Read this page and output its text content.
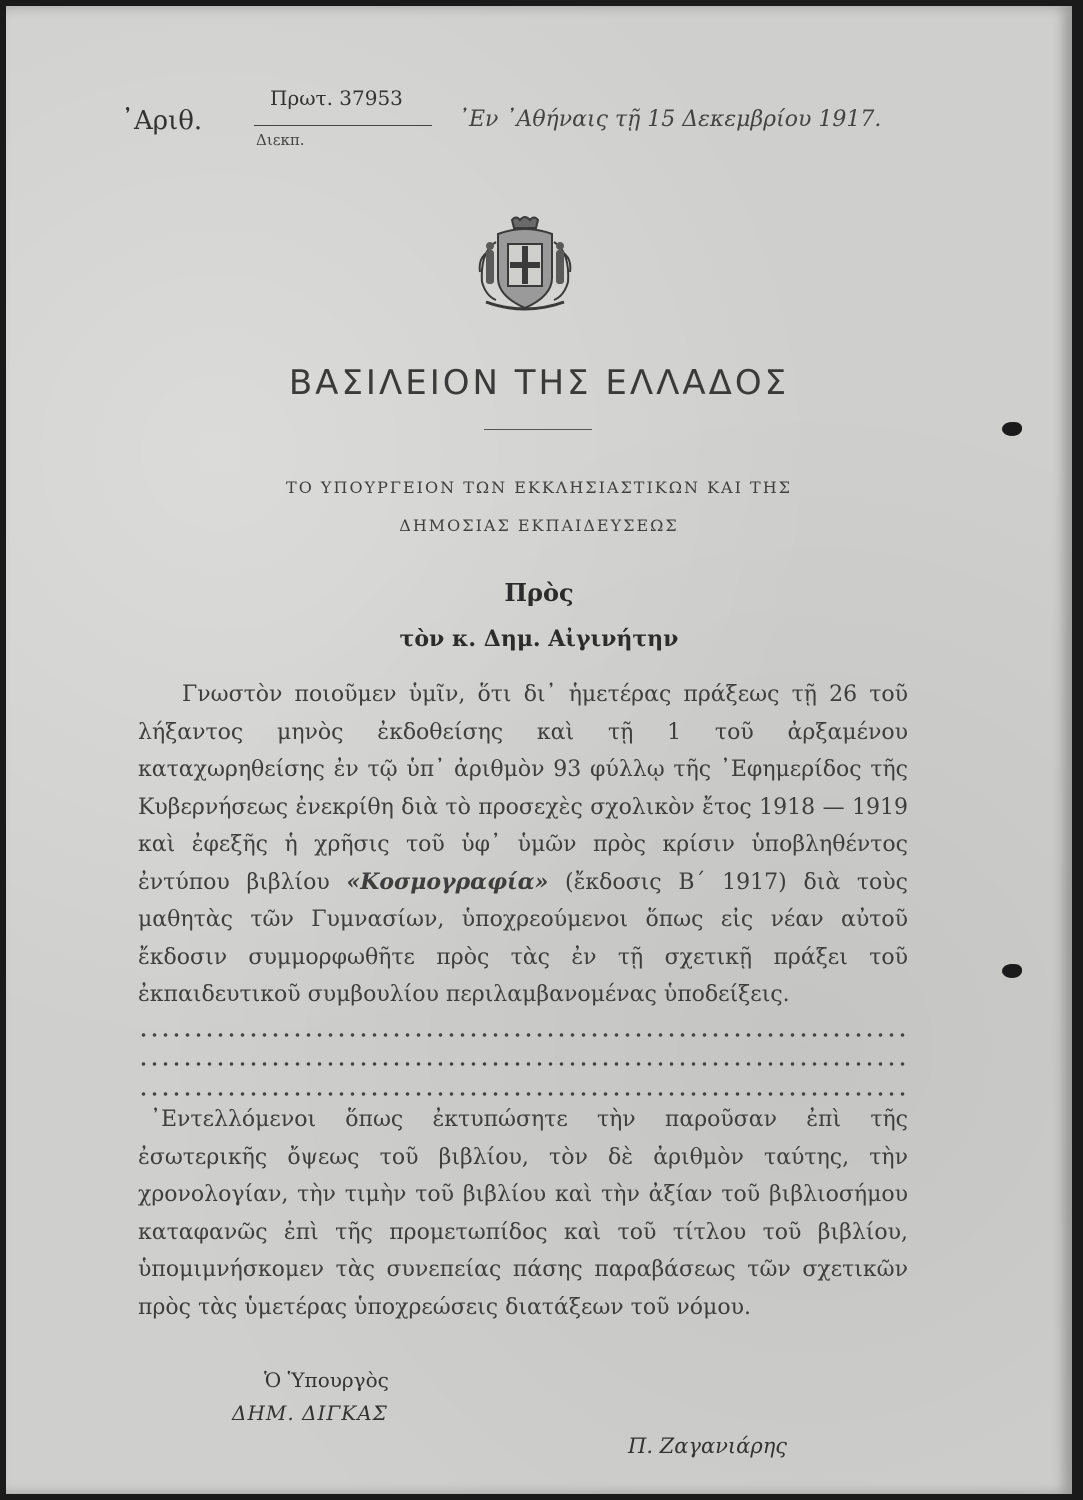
᾿Αριθ.
Πρωτ. 37953
Διεκπ.
᾿Εν ᾿Αθήναις τῇ 15 Δεκεμβρίου 1917.
ΒΑΣΙΛΕΙΟΝ ΤΗΣ ΕΛΛΑΔΟΣ
ΤΟ ΥΠΟΥΡΓΕΙΟΝ ΤΩΝ ΕΚΚΛΗΣΙΑΣΤΙΚΩΝ ΚΑΙ ΤΗΣ
ΔΗΜΟΣΙΑΣ ΕΚΠΑΙΔΕΥΣΕΩΣ
Πρὸς
τὸν κ. Δημ. Αἰγινήτην
Γνωστὸν ποιοῦμεν ὑμῖν, ὅτι δι᾿ ἡμετέρας πράξεως τῇ 26 τοῦ λήξαντος μηνὸς ἐκδοθείσης καὶ τῇ 1 τοῦ ἀρξαμένου καταχωρηθείσης ἐν τῷ ὑπ᾿ ἀριθμὸν 93 φύλλῳ τῆς ᾿Εφημερίδος τῆς Κυβερνήσεως ἐνεκρίθη διὰ τὸ προσεχὲς σχολικὸν ἔτος 1918 — 1919 καὶ ἐφεξῆς ἡ χρῆσις τοῦ ὑφ᾿ ὑμῶν πρὸς κρίσιν ὑποβληθέντος ἐντύπου βιβλίου «Κοσμογραφία» (ἔκδοσις Β΄ 1917) διὰ τοὺς μαθητὰς τῶν Γυμνασίων, ὑποχρεούμενοι ὅπως εἰς νέαν αὐτοῦ ἔκδοσιν συμμορφωθῆτε πρὸς τὰς ἐν τῇ σχετικῇ πράξει τοῦ ἐκπαιδευτικοῦ συμβουλίου περιλαμβανομένας ὑποδείξεις.
᾿Εντελλόμενοι ὅπως ἐκτυπώσητε τὴν παροῦσαν ἐπὶ τῆς ἐσωτερικῆς ὄψεως τοῦ βιβλίου, τὸν δὲ ἀριθμὸν ταύτης, τὴν χρονολογίαν, τὴν τιμὴν τοῦ βιβλίου καὶ τὴν ἀξίαν τοῦ βιβλιοσήμου καταφανῶς ἐπὶ τῆς προμετωπίδος καὶ τοῦ τίτλου τοῦ βιβλίου, ὑπομιμνήσκομεν τὰς συνεπείας πάσης παραβάσεως τῶν σχετικῶν πρὸς τὰς ὑμετέρας ὑποχρεώσεις διατάξεων τοῦ νόμου.
Ὁ Ὑπουργὸς
ΔΗΜ. ΔΙΓΚΑΣ
Π. Ζαγανιάρης
